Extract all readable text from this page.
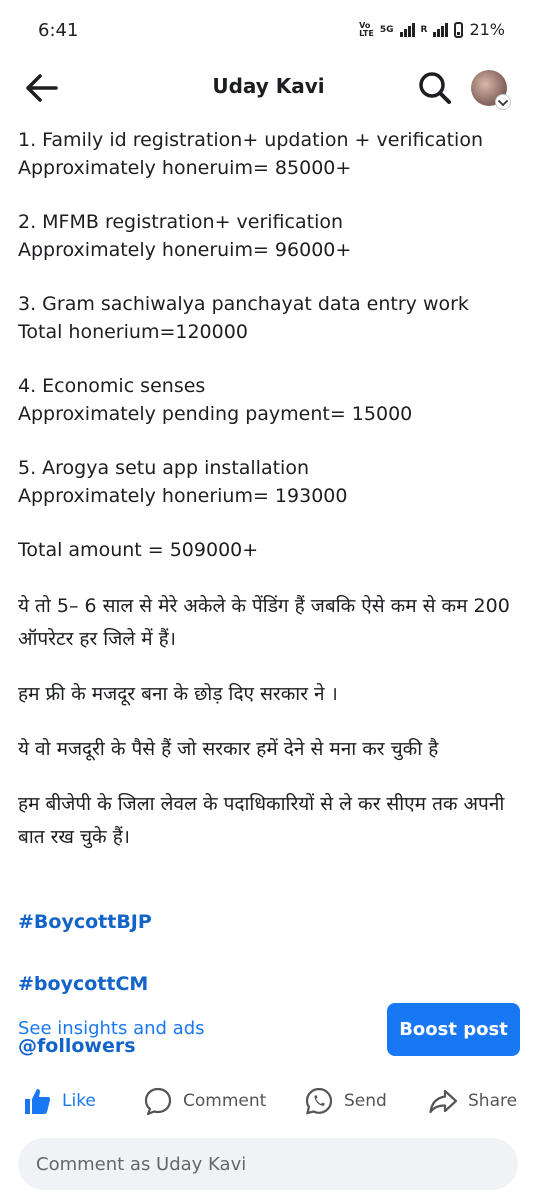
6:41	Vo
LTE 5G	R	21%
Uday Kavi

1. Family id registration+ updation + verification
Approximately honeruim= 85000+

2. MFMB registration+ verification
Approximately honeruim= 96000+

3. Gram sachiwalya panchayat data entry work
Total honerium=120000

4. Economic senses
Approximately pending payment= 15000

5. Arogya setu app installation
Approximately honerium= 193000

Total amount = 509000+

ये तो 5– 6 साल से मेरे अकेले के पेंडिंग हैं जबकि ऐसे कम से कम 200 ऑपरेटर हर जिले में हैं।

हम फ्री के मजदूर बना के छोड़ दिए सरकार ने ।

ये वो मजदूरी के पैसे हैं जो सरकार हमें देने से मना कर चुकी है

हम बीजेपी के जिला लेवल के पदाधिकारियों से ले कर सीएम तक अपनी बात रख चुके हैं।

#BoycottBJP

#boycottCM

@followers

See insights and ads	Boost post
Like	Comment	Send	Share
Comment as Uday Kavi
